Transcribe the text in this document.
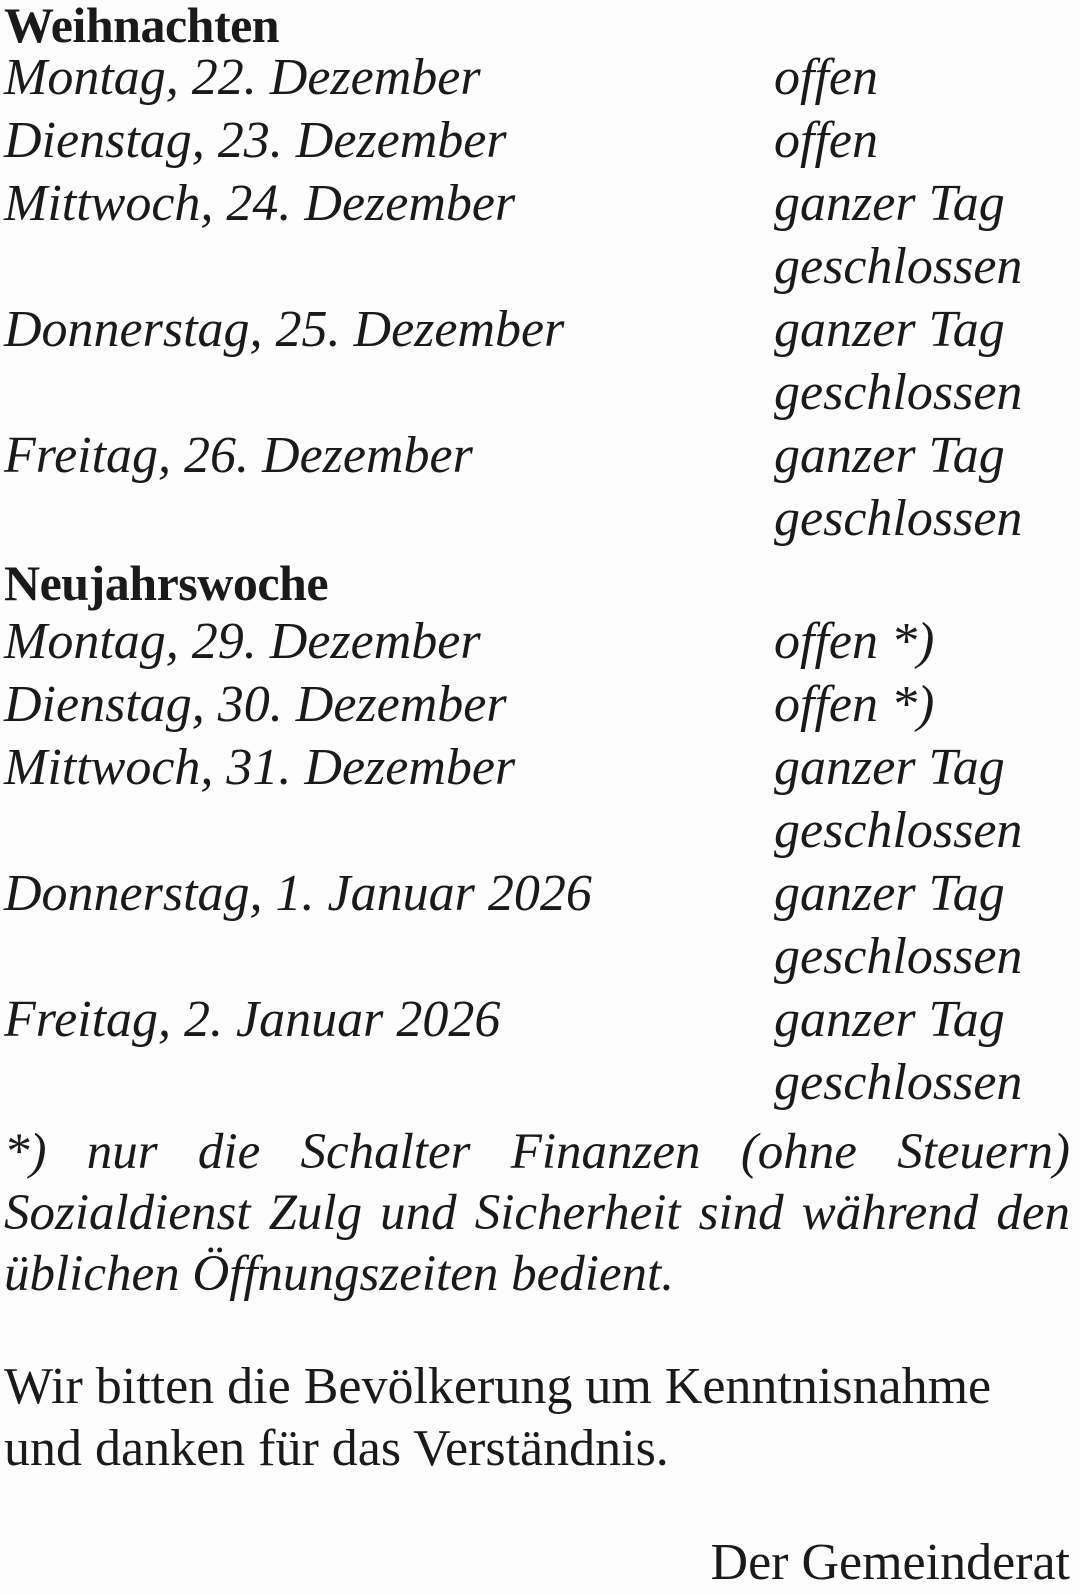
Weihnachten
Montag, 22. Dezember	offen
Dienstag, 23. Dezember	offen
Mittwoch, 24. Dezember	ganzer Tag
geschlossen
Donnerstag, 25. Dezember	ganzer Tag
geschlossen
Freitag, 26. Dezember	ganzer Tag
geschlossen
Neujahrswoche
Montag, 29. Dezember	offen *)
Dienstag, 30. Dezember	offen *)
Mittwoch, 31. Dezember	ganzer Tag
geschlossen
Donnerstag, 1. Januar 2026	ganzer Tag
geschlossen
Freitag, 2. Januar 2026	ganzer Tag
geschlossen

*) nur die Schalter Finanzen (ohne Steuern) Sozialdienst Zulg und Sicherheit sind während den üblichen Öffnungszeiten bedient.

Wir bitten die Bevölkerung um Kenntnisnahme und danken für das Verständnis.

Der Gemeinderat
